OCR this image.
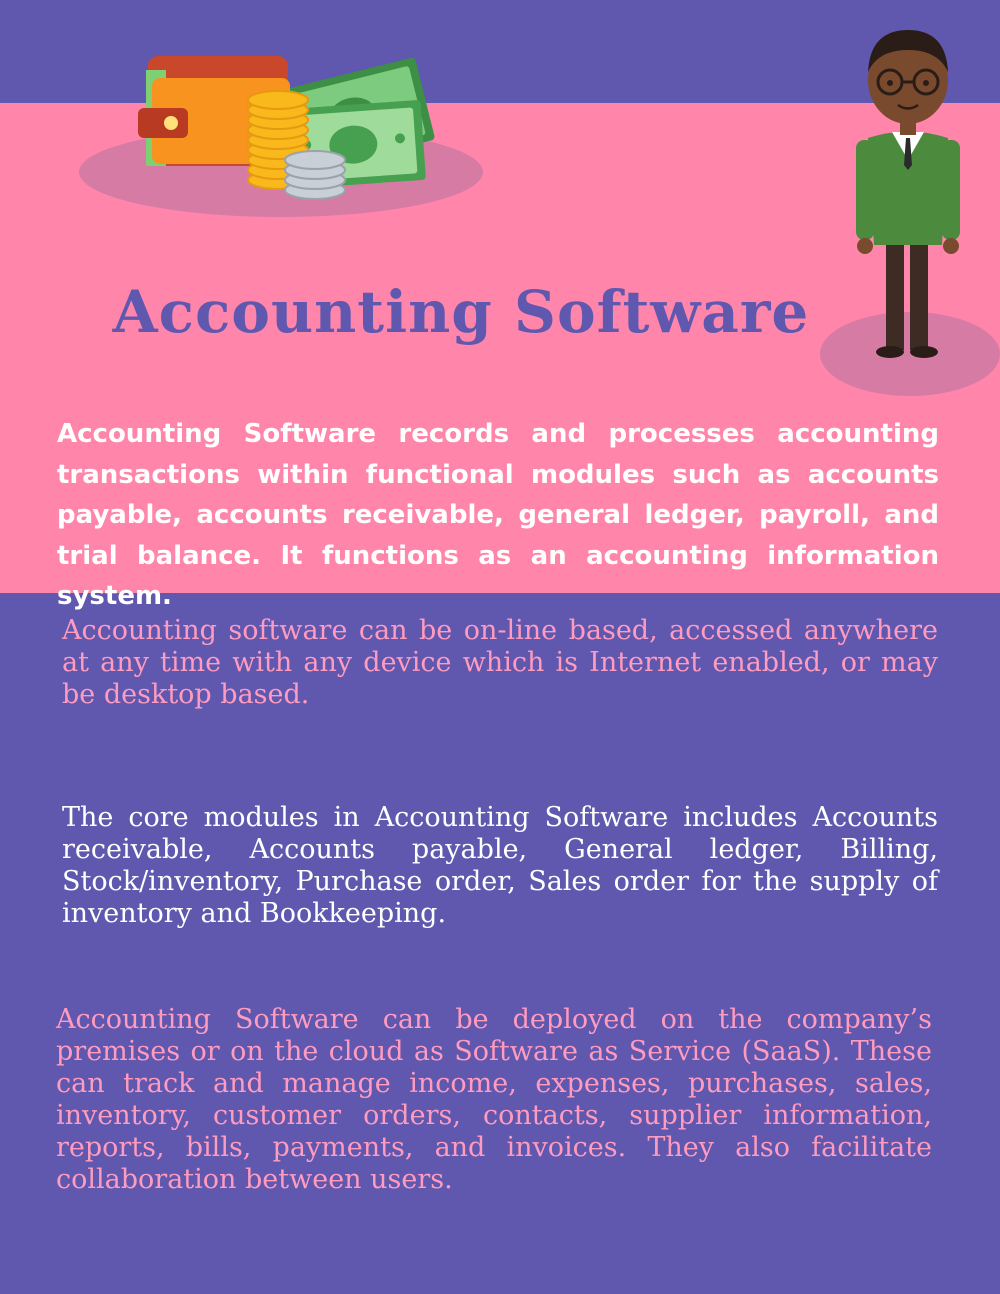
Accounting Software

Accounting Software records and processes accounting transactions within functional modules such as accounts payable, accounts receivable, general ledger, payroll, and trial balance. It functions as an accounting information system.

Accounting software can be on-line based, accessed anywhere at any time with any device which is Internet enabled, or may be desktop based.

The core modules in Accounting Software includes Accounts receivable, Accounts payable, General ledger, Billing, Stock/inventory, Purchase order, Sales order for the supply of inventory and Bookkeeping.

Accounting Software can be deployed on the company’s premises or on the cloud as Software as Service (SaaS). These can track and manage income, expenses, purchases, sales, inventory, customer orders, contacts, supplier information, reports, bills, payments, and invoices. They also facilitate collaboration between users.
